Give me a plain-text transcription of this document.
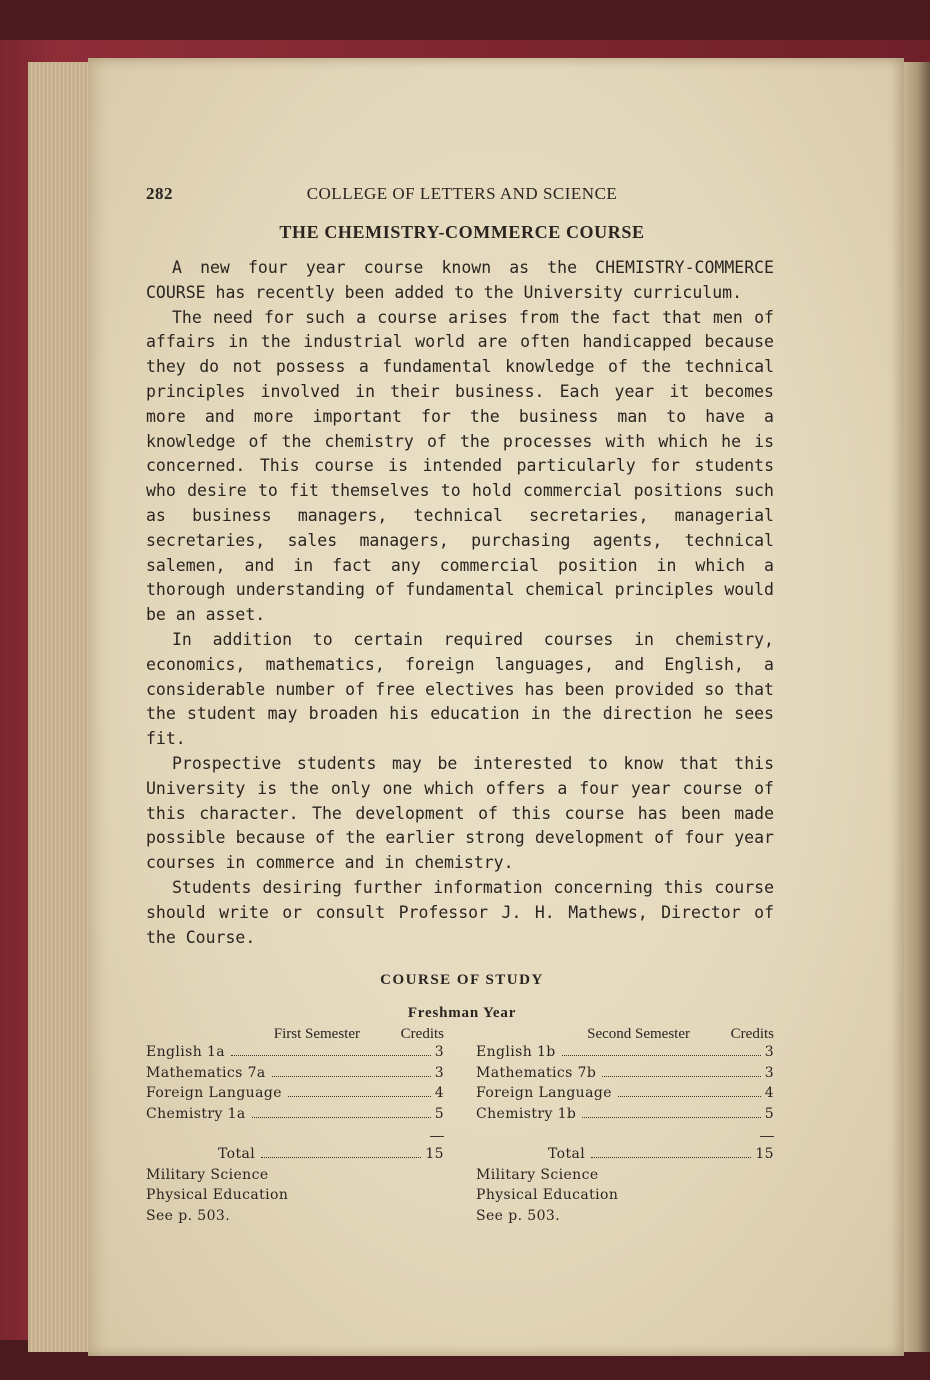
COLLEGE OF LETTERS AND SCIENCE
282
THE CHEMISTRY-COMMERCE COURSE

A new four year course known as the CHEMISTRY-COMMERCE COURSE has recently been added to the University curriculum.

The need for such a course arises from the fact that men of affairs in the industrial world are often handicapped because they do not possess a fundamental knowledge of the technical principles involved in their business. Each year it becomes more and more important for the business man to have a knowledge of the chemistry of the processes with which he is concerned. This course is intended particularly for students who desire to fit themselves to hold commercial positions such as business managers, technical secretaries, managerial secretaries, sales managers, purchasing agents, technical salemen, and in fact any commercial position in which a thorough understanding of fundamental chemical principles would be an asset.

In addition to certain required courses in chemistry, economics, mathematics, foreign languages, and English, a considerable number of free electives has been provided so that the student may broaden his education in the direction he sees fit.

Prospective students may be interested to know that this University is the only one which offers a four year course of this character. The development of this course has been made possible because of the earlier strong development of four year courses in commerce and in chemistry.

Students desiring further information concerning this course should write or consult Professor J. H. Mathews, Director of the Course.

COURSE OF STUDY
Freshman Year
First Semester	Credits
English 1a	3
Mathematics 7a	3
Foreign Language	4
Chemistry 1a	5
Total	15
Military Science
Physical Education
See p. 503.
Second Semester	Credits
English 1b	3
Mathematics 7b	3
Foreign Language	4
Chemistry 1b	5
Total	15
Military Science
Physical Education
See p. 503.
